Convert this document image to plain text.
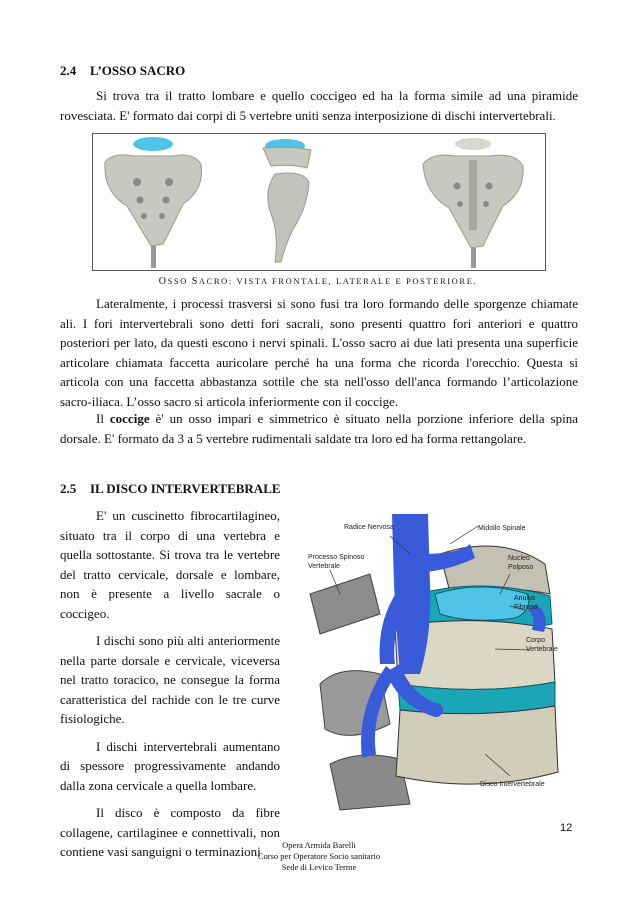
2.4 L’OSSO SACRO

Si trova tra il tratto lombare e quello coccigeo ed ha la forma simile ad una piramide rovesciata. E' formato dai corpi di 5 vertebre uniti senza interposizione di dischi intervertebrali.

OSSO SACRO: VISTA FRONTALE, LATERALE E POSTERIORE.

Lateralmente, i processi trasversi si sono fusi tra loro formando delle sporgenze chiamate ali. I fori intervertebrali sono detti fori sacrali, sono presenti quattro fori anteriori e quattro posteriori per lato, da questi escono i nervi spinali. L'osso sacro ai due lati presenta una superficie articolare chiamata faccetta auricolare perché ha una forma che ricorda l'orecchio. Questa si articola con una faccetta abbastanza sottile che sta nell'osso dell'anca formando l’articolazione sacro-iliaca. L’osso sacro si articola inferiormente con il coccige.

Il coccige è' un osso impari e simmetrico è situato nella porzione inferiore della spina dorsale. E' formato da 3 a 5 vertebre rudimentali saldate tra loro ed ha forma rettangolare.

2.5 IL DISCO INTERVERTEBRALE

E' un cuscinetto fibrocartilagineo, situato tra il corpo di una vertebra e quella sottostante. Si trova tra le vertebre del tratto cervicale, dorsale e lombare, non è presente a livello sacrale o coccigeo.

I dischi sono più alti anteriormente nella parte dorsale e cervicale, viceversa nel tratto toracico, ne consegue la forma caratteristica del rachide con le tre curve fisiologiche.

I dischi intervertebrali aumentano di spessore progressivamente andando dalla zona cervicale a quella lombare.

Il disco è composto da fibre collagene, cartilaginee e connettivali, non contiene vasi sanguigni o terminazioni

Radice Nervosa	Midollo Spinale
Processo Spinoso
Vertebrale
Nucleo
Polposo
Anulus
Fibroso
Corpo
Vertebrale
Disco Intervertebrale
12
Opera Armida Barelli
Corso per Operatore Socio sanitario
Sede di Levico Terme
